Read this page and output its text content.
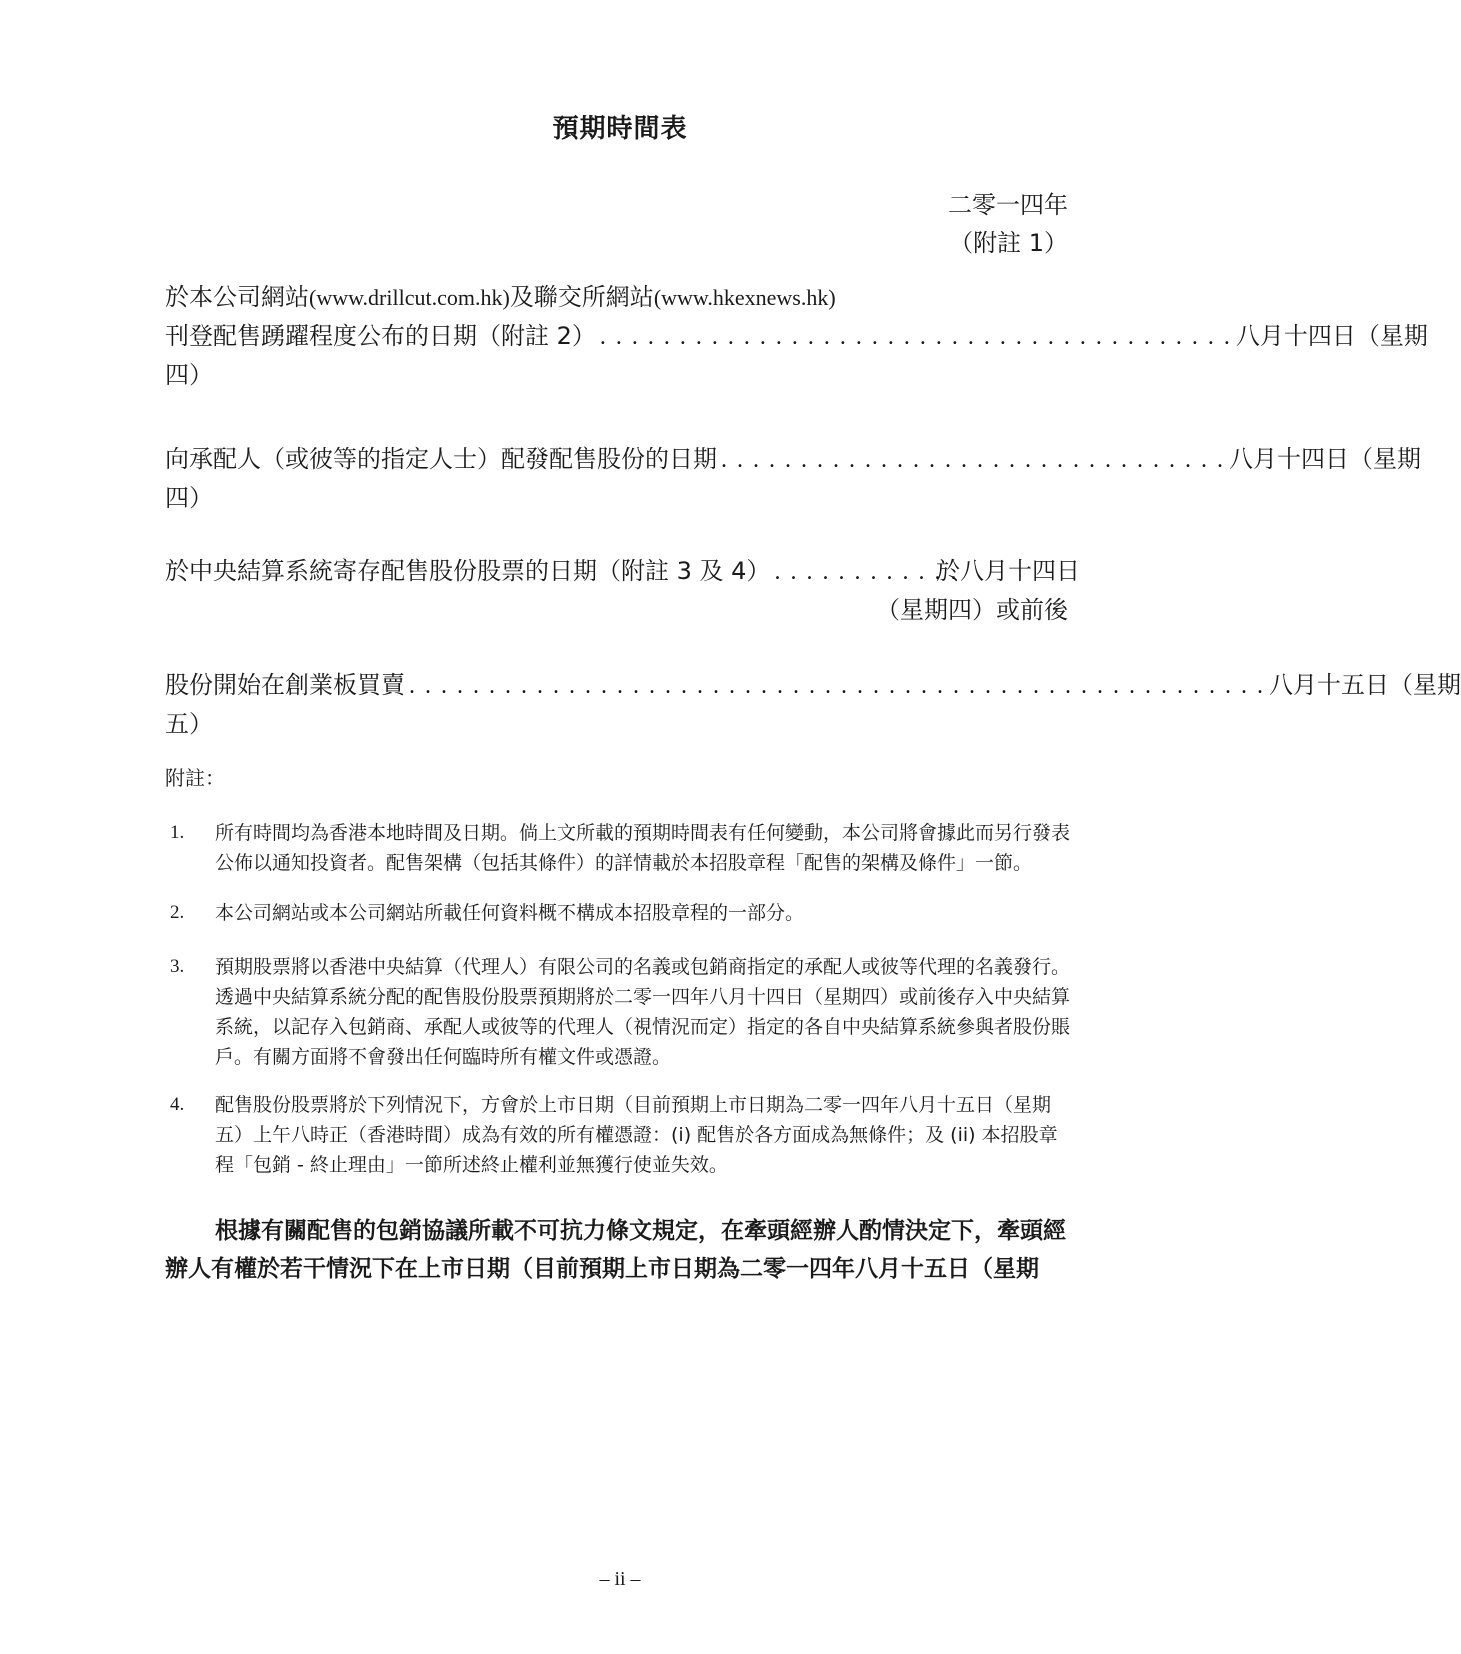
預期時間表
二零一四年
（附註 1）
於本公司網站(www.drillcut.com.hk)及聯交所網站(www.hkexnews.hk)
刊登配售踴躍程度公布的日期（附註 2） . . . . . . . . . . . . . . . . . . . . . . . . . . . . . . . . . . . . . . . . 八月十四日（星期
四）
向承配人（或彼等的指定人士）配發配售股份的日期 . . . . . . . . . . . . . . . . . . . . . . . . . . . . . . . . 八月十四日（星期
四）
於中央結算系統寄存配售股份股票的日期（附註 3 及 4） . . . . . . . . . . . .
於八月十四日
（星期四）或前後
股份開始在創業板買賣 . . . . . . . . . . . . . . . . . . . . . . . . . . . . . . . . . . . . . . . . . . . . . . . . . . . . . . 八月十五日（星期
五）
附註：
1. 所有時間均為香港本地時間及日期。倘上文所載的預期時間表有任何變動，本公司將會據此而另行發表公佈以通知投資者。配售架構（包括其條件）的詳情載於本招股章程「配售的架構及條件」一節。
2. 本公司網站或本公司網站所載任何資料概不構成本招股章程的一部分。
3. 預期股票將以香港中央結算（代理人）有限公司的名義或包銷商指定的承配人或彼等代理的名義發行。透過中央結算系統分配的配售股份股票預期將於二零一四年八月十四日（星期四）或前後存入中央結算系統，以記存入包銷商、承配人或彼等的代理人（視情況而定）指定的各自中央結算系統參與者股份賬戶。有關方面將不會發出任何臨時所有權文件或憑證。
4. 配售股份股票將於下列情況下，方會於上市日期（目前預期上市日期為二零一四年八月十五日（星期五）上午八時正（香港時間）成為有效的所有權憑證：(i) 配售於各方面成為無條件；及 (ii) 本招股章程「包銷 - 終止理由」一節所述終止權利並無獲行使並失效。
根據有關配售的包銷協議所載不可抗力條文規定，在牽頭經辦人酌情決定下，牽頭經辦人有權於若干情況下在上市日期（目前預期上市日期為二零一四年八月十五日（星期
– ii –
